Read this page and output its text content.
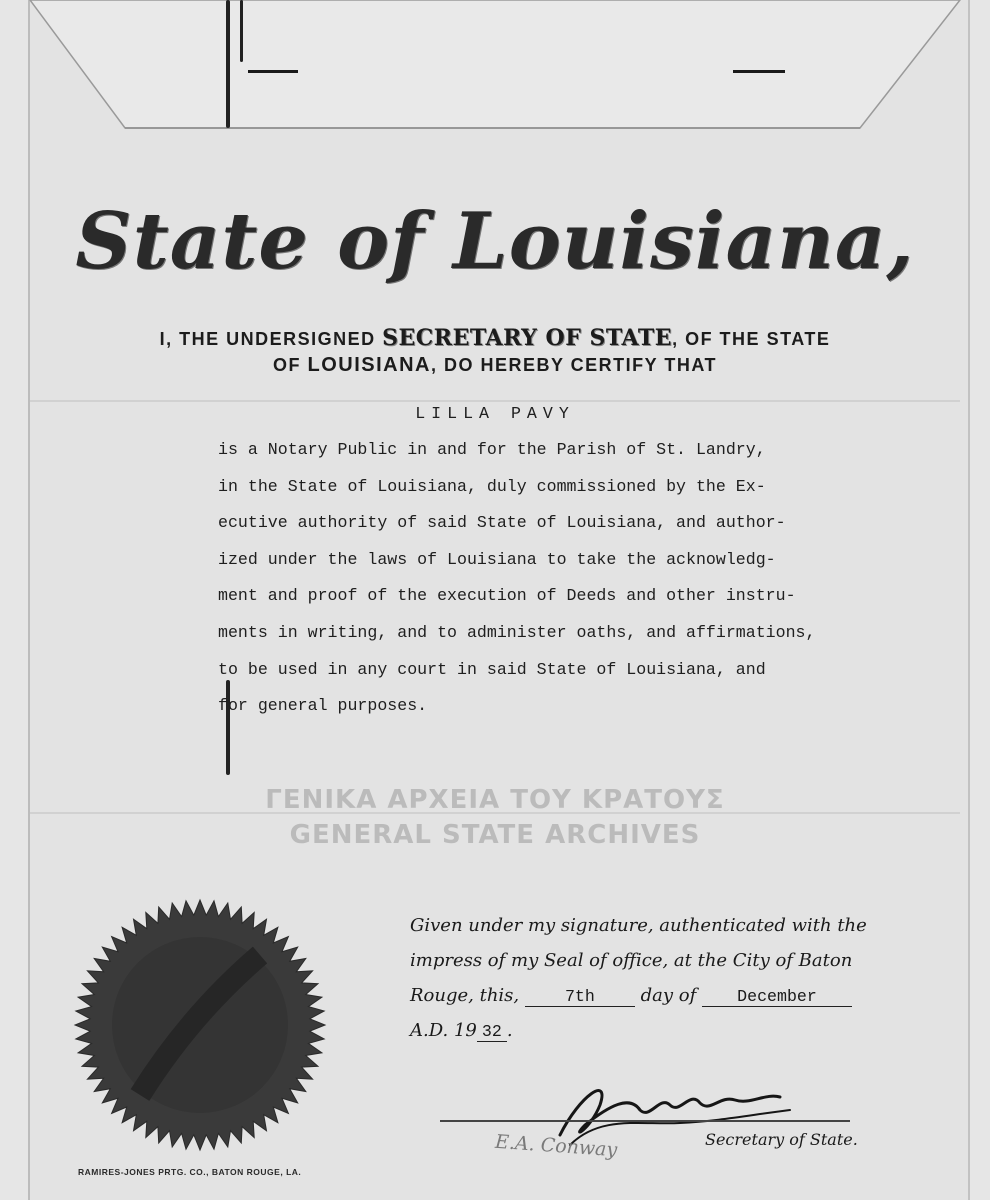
State of Louisiana,
I, THE UNDERSIGNED SECRETARY OF STATE, OF THE STATE
OF LOUISIANA, DO HEREBY CERTIFY THAT
LILLA PAVY
is a Notary Public in and for the Parish of St. Landry,
in the State of Louisiana, duly commissioned by the Ex-
ecutive authority of said State of Louisiana, and author-
ized under the laws of Louisiana to take the acknowledg-
ment and proof of the execution of Deeds and other instru-
ments in writing, and to administer oaths, and affirmations,
to be used in any court in said State of Louisiana, and
for general purposes.
ΓΕΝΙΚΑ ΑΡΧΕΙΑ ΤΟΥ ΚΡΑΤΟΥΣ
GENERAL STATE ARCHIVES
Given under my signature, authenticated with the
impress of my Seal of office, at the City of Baton
Rouge, this,	7th	day of December
A.D. 19 32 .
Secretary of State.
E.A. Conway
RAMIRES-JONES PRTG. CO., BATON ROUGE, LA.
